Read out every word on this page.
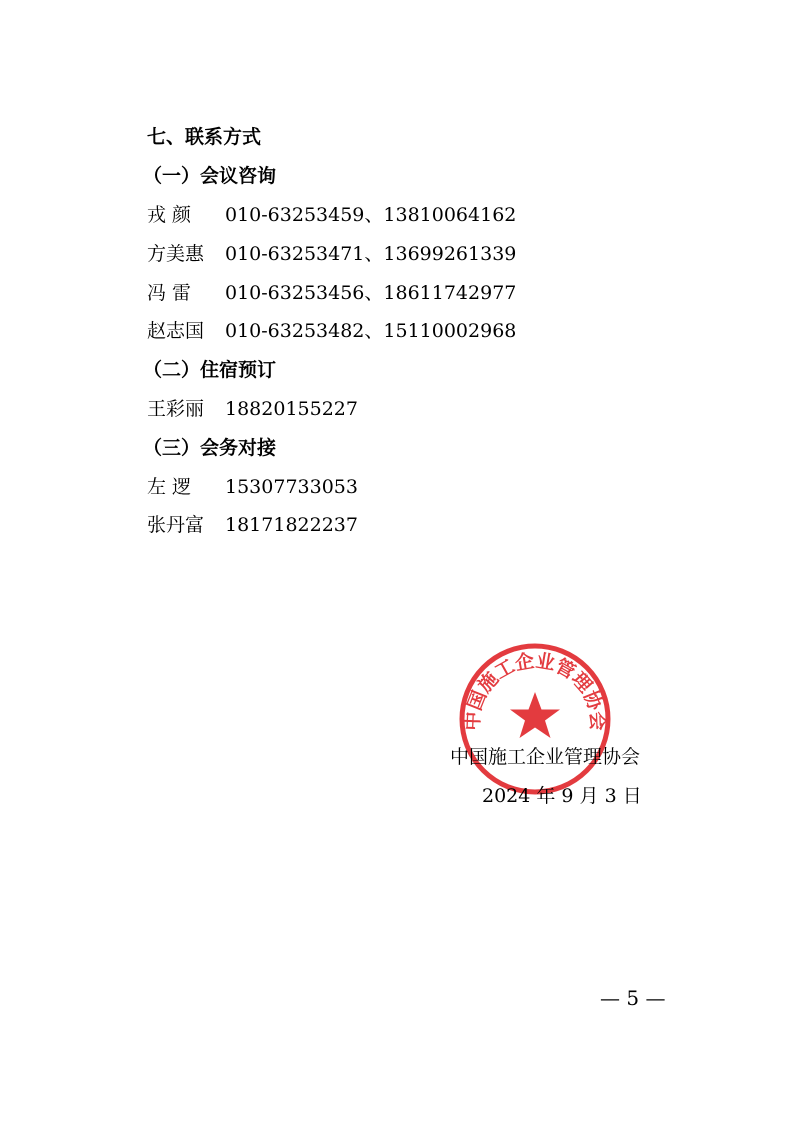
七、联系方式
（一）会议咨询
戎 颜 010-63253459、13810064162
方美惠 010-63253471、13699261339
冯 雷 010-63253456、18611742977
赵志国 010-63253482、15110002968
（二）住宿预订
王彩丽 18820155227
（三）会务对接
左 逻 15307733053
张丹富 18171822237
中国施工企业管理协会
中国施工企业管理协会
2024 年 9 月 3 日
— 5 —
